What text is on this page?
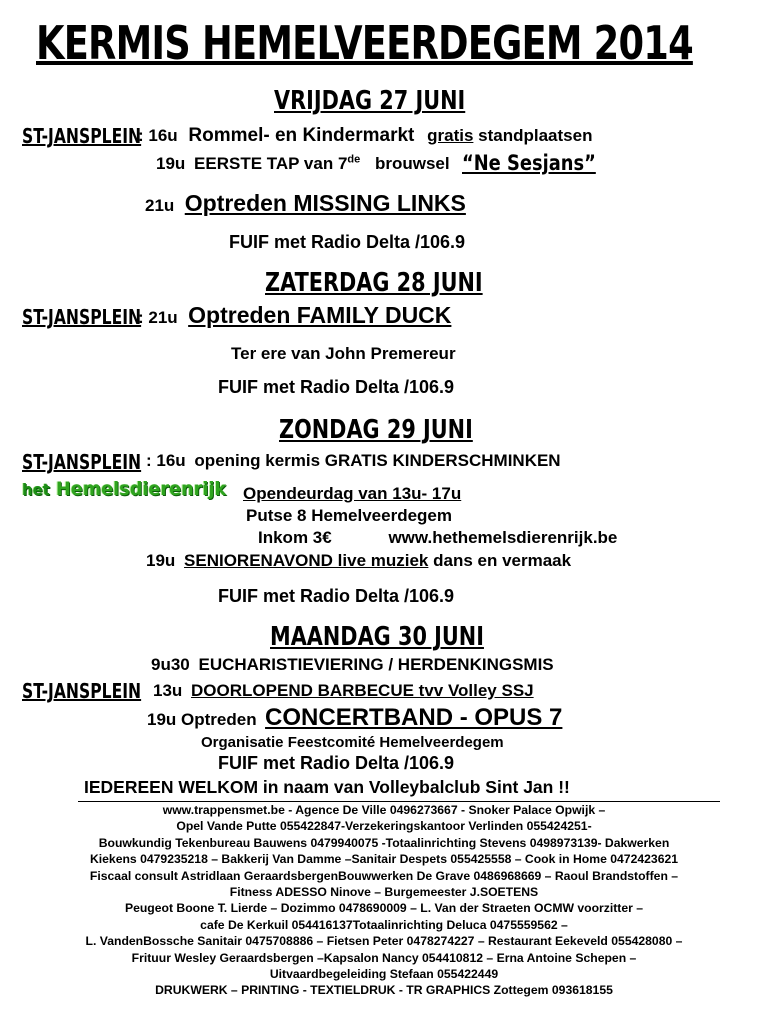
KERMIS HEMELVEERDEGEM 2014
VRIJDAG 27 JUNI
ST-JANSPLEIN
: 16u Rommel- en Kindermarkt gratis standplaatsen
19u EERSTE TAP van 7de brouwsel “Ne Sesjans”
21u Optreden MISSING LINKS
FUIF met Radio Delta /106.9
ZATERDAG 28 JUNI
ST-JANSPLEIN
: 21u Optreden FAMILY DUCK
Ter ere van John Premereur
FUIF met Radio Delta /106.9
ZONDAG 29 JUNI
ST-JANSPLEIN : 16u opening kermis GRATIS KINDERSCHMINKEN
het Hemelsdierenrijk Opendeurdag van 13u- 17u
Putse 8 Hemelveerdegem
Inkom 3€	www.hethemelsdierenrijk.be
19u SENIORENAVOND live muziek dans en vermaak
FUIF met Radio Delta /106.9
MAANDAG 30 JUNI
9u30 EUCHARISTIEVIERING / HERDENKINGSMIS
ST-JANSPLEIN 13u DOORLOPEND BARBECUE tvv Volley SSJ
19u Optreden CONCERTBAND - OPUS 7
Organisatie Feestcomité Hemelveerdegem
FUIF met Radio Delta /106.9
IEDEREEN WELKOM in naam van Volleybalclub Sint Jan !!
www.trappensmet.be - Agence De Ville 0496273667 - Snoker Palace Opwijk –
Opel Vande Putte 055422847-Verzekeringskantoor Verlinden 055424251-
Bouwkundig Tekenbureau Bauwens 0479940075 -Totaalinrichting Stevens 0498973139- Dakwerken
Kiekens 0479235218 – Bakkerij Van Damme –Sanitair Despets 055425558 – Cook in Home 0472423621
Fiscaal consult Astridlaan GeraardsbergenBouwwerken De Grave 0486968669 – Raoul Brandstoffen –
Fitness ADESSO Ninove – Burgemeester J.SOETENS
Peugeot Boone T. Lierde – Dozimmo 0478690009 – L. Van der Straeten OCMW voorzitter –
cafe De Kerkuil 054416137Totaalinrichting Deluca 0475559562 –
L. VandenBossche Sanitair 0475708886 – Fietsen Peter 0478274227 – Restaurant Eekeveld 055428080 –
Frituur Wesley Geraardsbergen –Kapsalon Nancy 054410812 – Erna Antoine Schepen –
Uitvaardbegeleiding Stefaan 055422449
DRUKWERK – PRINTING - TEXTIELDRUK - TR GRAPHICS Zottegem 093618155
